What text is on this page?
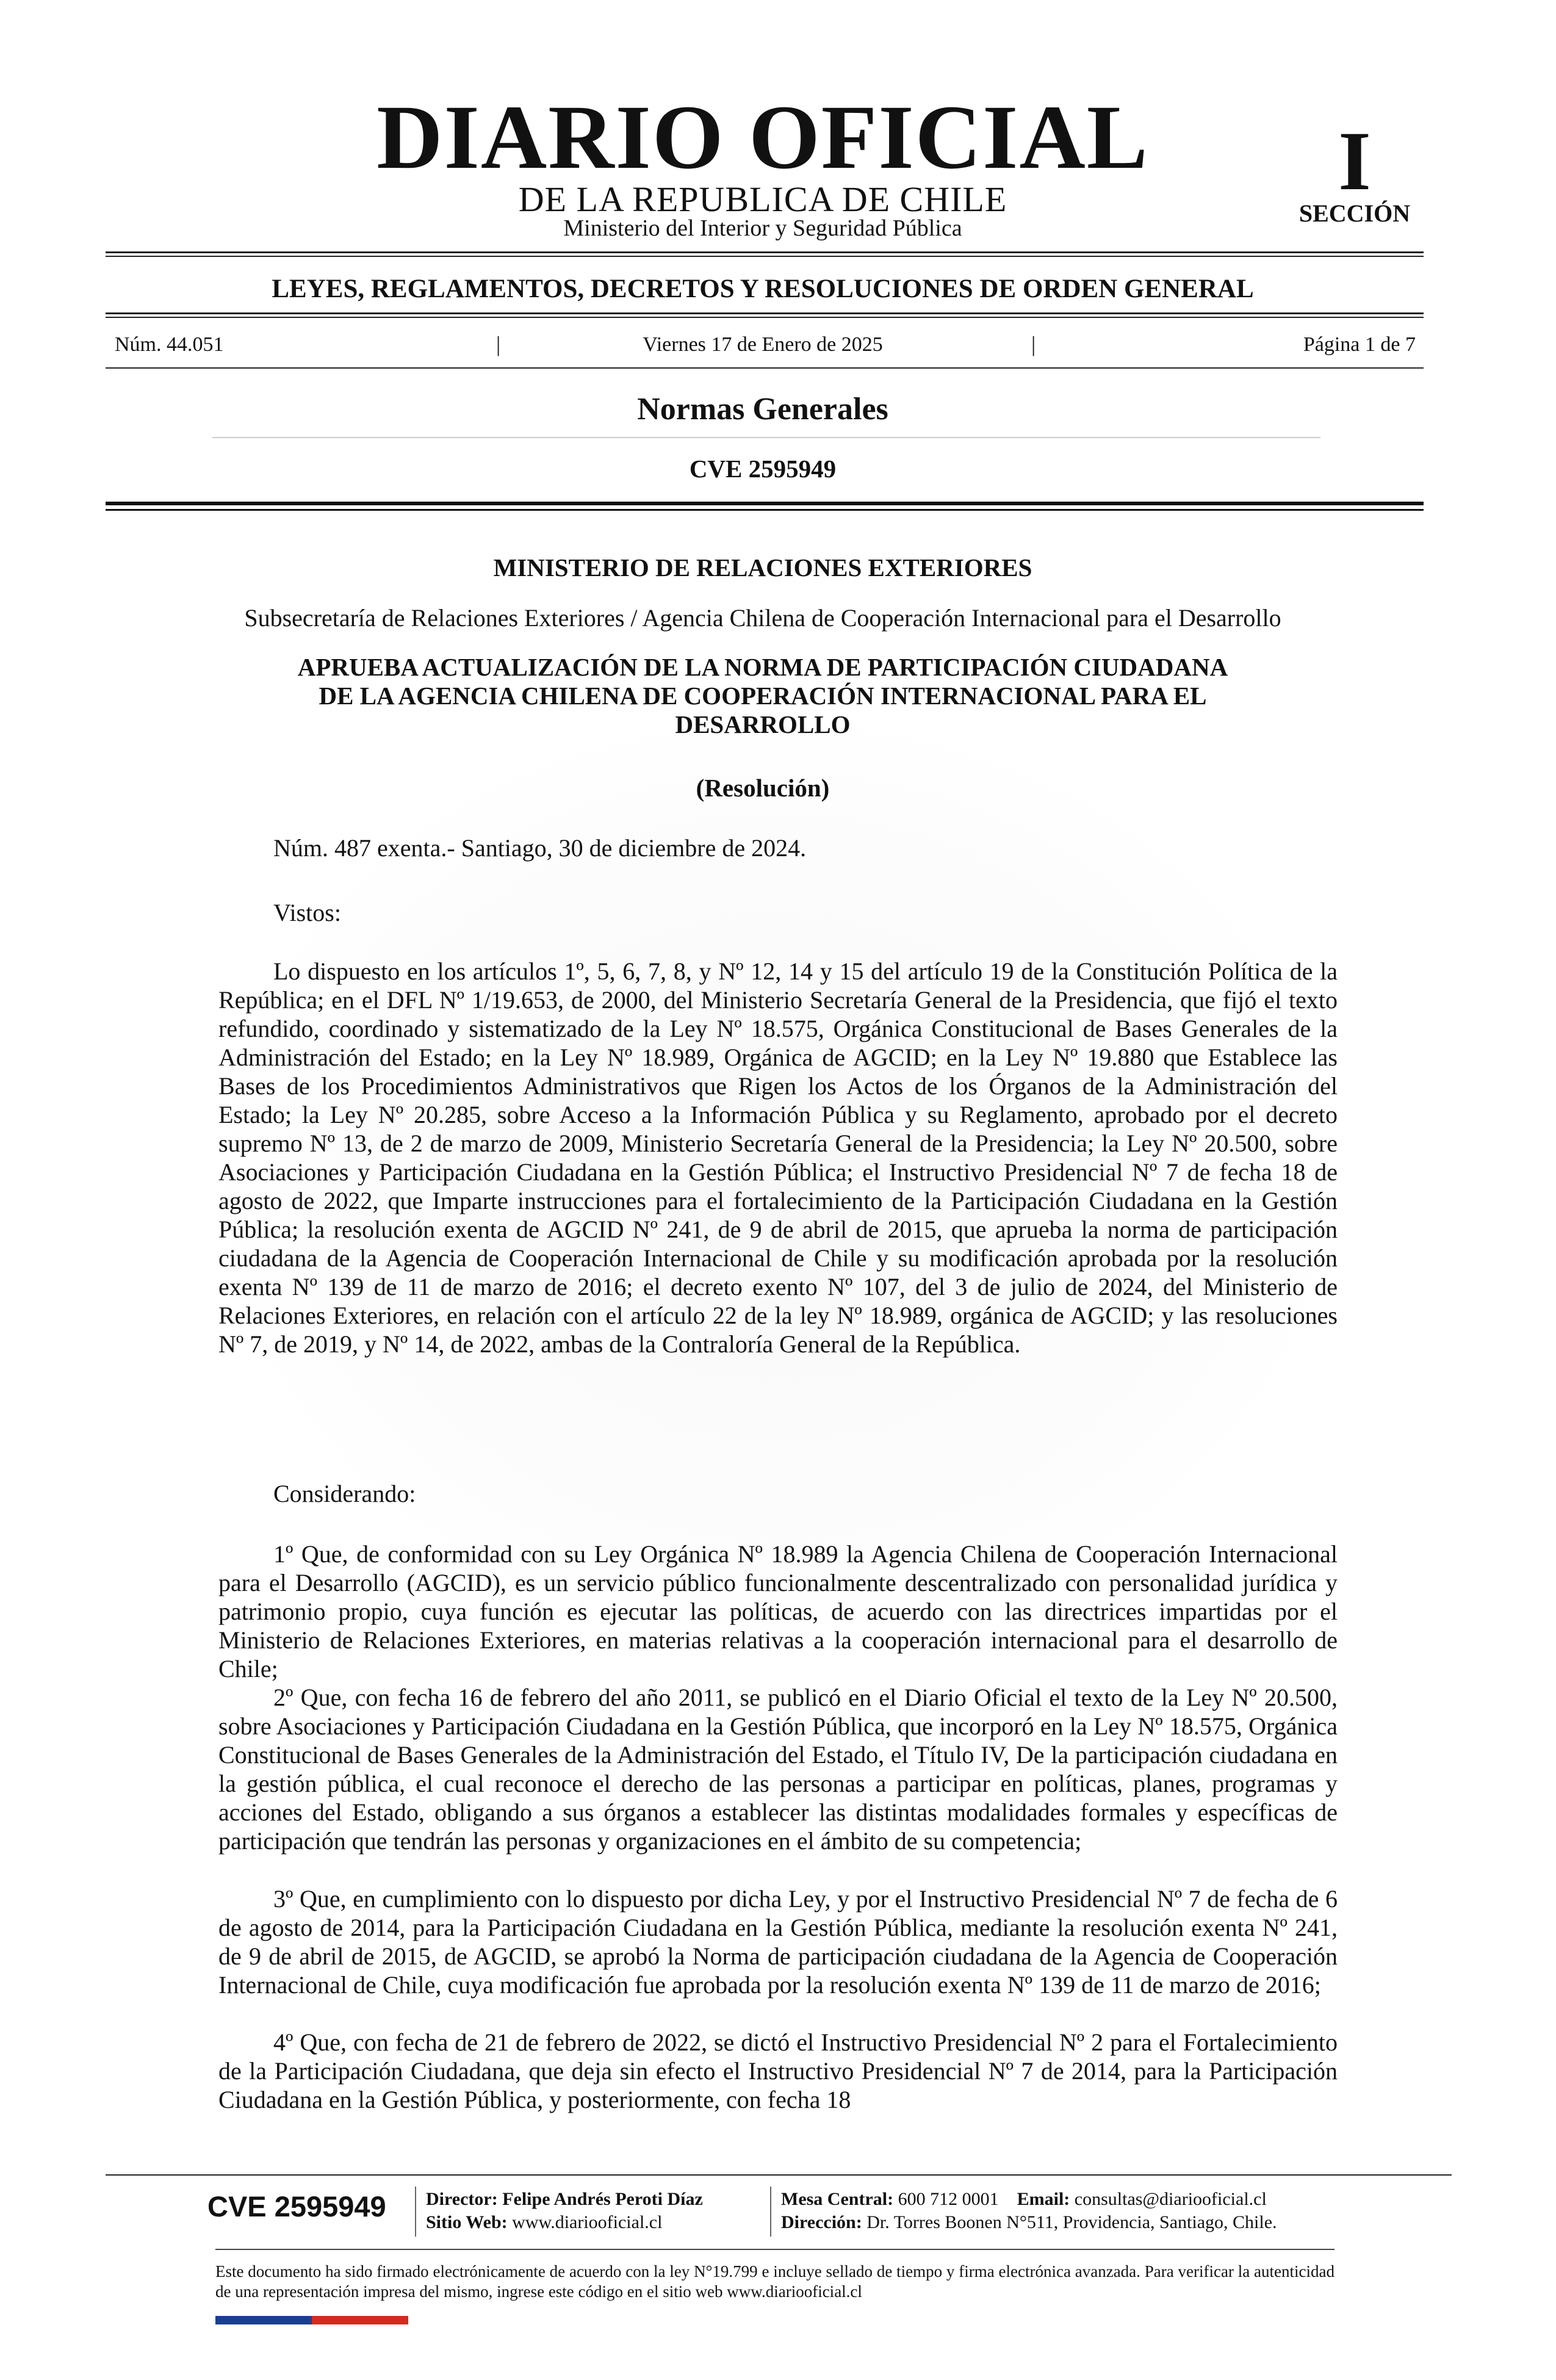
DIARIO OFICIAL
DE LA REPUBLICA DE CHILE
Ministerio del Interior y Seguridad Pública
I
SECCIÓN
LEYES, REGLAMENTOS, DECRETOS Y RESOLUCIONES DE ORDEN GENERAL
Núm. 44.051	|	Viernes 17 de Enero de 2025	|	Página 1 de 7
Normas Generales
CVE 2595949
MINISTERIO DE RELACIONES EXTERIORES
Subsecretaría de Relaciones Exteriores / Agencia Chilena de Cooperación Internacional para el Desarrollo
APRUEBA ACTUALIZACIÓN DE LA NORMA DE PARTICIPACIÓN CIUDADANA
DE LA AGENCIA CHILENA DE COOPERACIÓN INTERNACIONAL PARA EL
DESARROLLO
(Resolución)
Núm. 487 exenta.- Santiago, 30 de diciembre de 2024.
Vistos:
Lo dispuesto en los artículos 1º, 5, 6, 7, 8, y Nº 12, 14 y 15 del artículo 19 de la Constitución Política de la República; en el DFL Nº 1/19.653, de 2000, del Ministerio Secretaría General de la Presidencia, que fijó el texto refundido, coordinado y sistematizado de la Ley Nº 18.575, Orgánica Constitucional de Bases Generales de la Administración del Estado; en la Ley Nº 18.989, Orgánica de AGCID; en la Ley Nº 19.880 que Establece las Bases de los Procedimientos Administrativos que Rigen los Actos de los Órganos de la Administración del Estado; la Ley Nº 20.285, sobre Acceso a la Información Pública y su Reglamento, aprobado por el decreto supremo Nº 13, de 2 de marzo de 2009, Ministerio Secretaría General de la Presidencia; la Ley Nº 20.500, sobre Asociaciones y Participación Ciudadana en la Gestión Pública; el Instructivo Presidencial Nº 7 de fecha 18 de agosto de 2022, que Imparte instrucciones para el fortalecimiento de la Participación Ciudadana en la Gestión Pública; la resolución exenta de AGCID Nº 241, de 9 de abril de 2015, que aprueba la norma de participación ciudadana de la Agencia de Cooperación Internacional de Chile y su modificación aprobada por la resolución exenta Nº 139 de 11 de marzo de 2016; el decreto exento Nº 107, del 3 de julio de 2024, del Ministerio de Relaciones Exteriores, en relación con el artículo 22 de la ley Nº 18.989, orgánica de AGCID; y las resoluciones Nº 7, de 2019, y Nº 14, de 2022, ambas de la Contraloría General de la República.
Considerando:
1º Que, de conformidad con su Ley Orgánica Nº 18.989 la Agencia Chilena de Cooperación Internacional para el Desarrollo (AGCID), es un servicio público funcionalmente descentralizado con personalidad jurídica y patrimonio propio, cuya función es ejecutar las políticas, de acuerdo con las directrices impartidas por el Ministerio de Relaciones Exteriores, en materias relativas a la cooperación internacional para el desarrollo de Chile;
2º Que, con fecha 16 de febrero del año 2011, se publicó en el Diario Oficial el texto de la Ley Nº 20.500, sobre Asociaciones y Participación Ciudadana en la Gestión Pública, que incorporó en la Ley Nº 18.575, Orgánica Constitucional de Bases Generales de la Administración del Estado, el Título IV, De la participación ciudadana en la gestión pública, el cual reconoce el derecho de las personas a participar en políticas, planes, programas y acciones del Estado, obligando a sus órganos a establecer las distintas modalidades formales y específicas de participación que tendrán las personas y organizaciones en el ámbito de su competencia;
3º Que, en cumplimiento con lo dispuesto por dicha Ley, y por el Instructivo Presidencial Nº 7 de fecha de 6 de agosto de 2014, para la Participación Ciudadana en la Gestión Pública, mediante la resolución exenta Nº 241, de 9 de abril de 2015, de AGCID, se aprobó la Norma de participación ciudadana de la Agencia de Cooperación Internacional de Chile, cuya modificación fue aprobada por la resolución exenta Nº 139 de 11 de marzo de 2016;
4º Que, con fecha de 21 de febrero de 2022, se dictó el Instructivo Presidencial Nº 2 para el Fortalecimiento de la Participación Ciudadana, que deja sin efecto el Instructivo Presidencial Nº 7 de 2014, para la Participación Ciudadana en la Gestión Pública, y posteriormente, con fecha 18
CVE 2595949 Director: Felipe Andrés Peroti Díaz
Sitio Web: www.diariooficial.cl
Mesa Central: 600 712 0001 Email: consultas@diariooficial.cl
Dirección: Dr. Torres Boonen N°511, Providencia, Santiago, Chile.
Este documento ha sido firmado electrónicamente de acuerdo con la ley N°19.799 e incluye sellado de tiempo y firma electrónica avanzada. Para verificar la autenticidad de una representación impresa del mismo, ingrese este código en el sitio web www.diariooficial.cl
